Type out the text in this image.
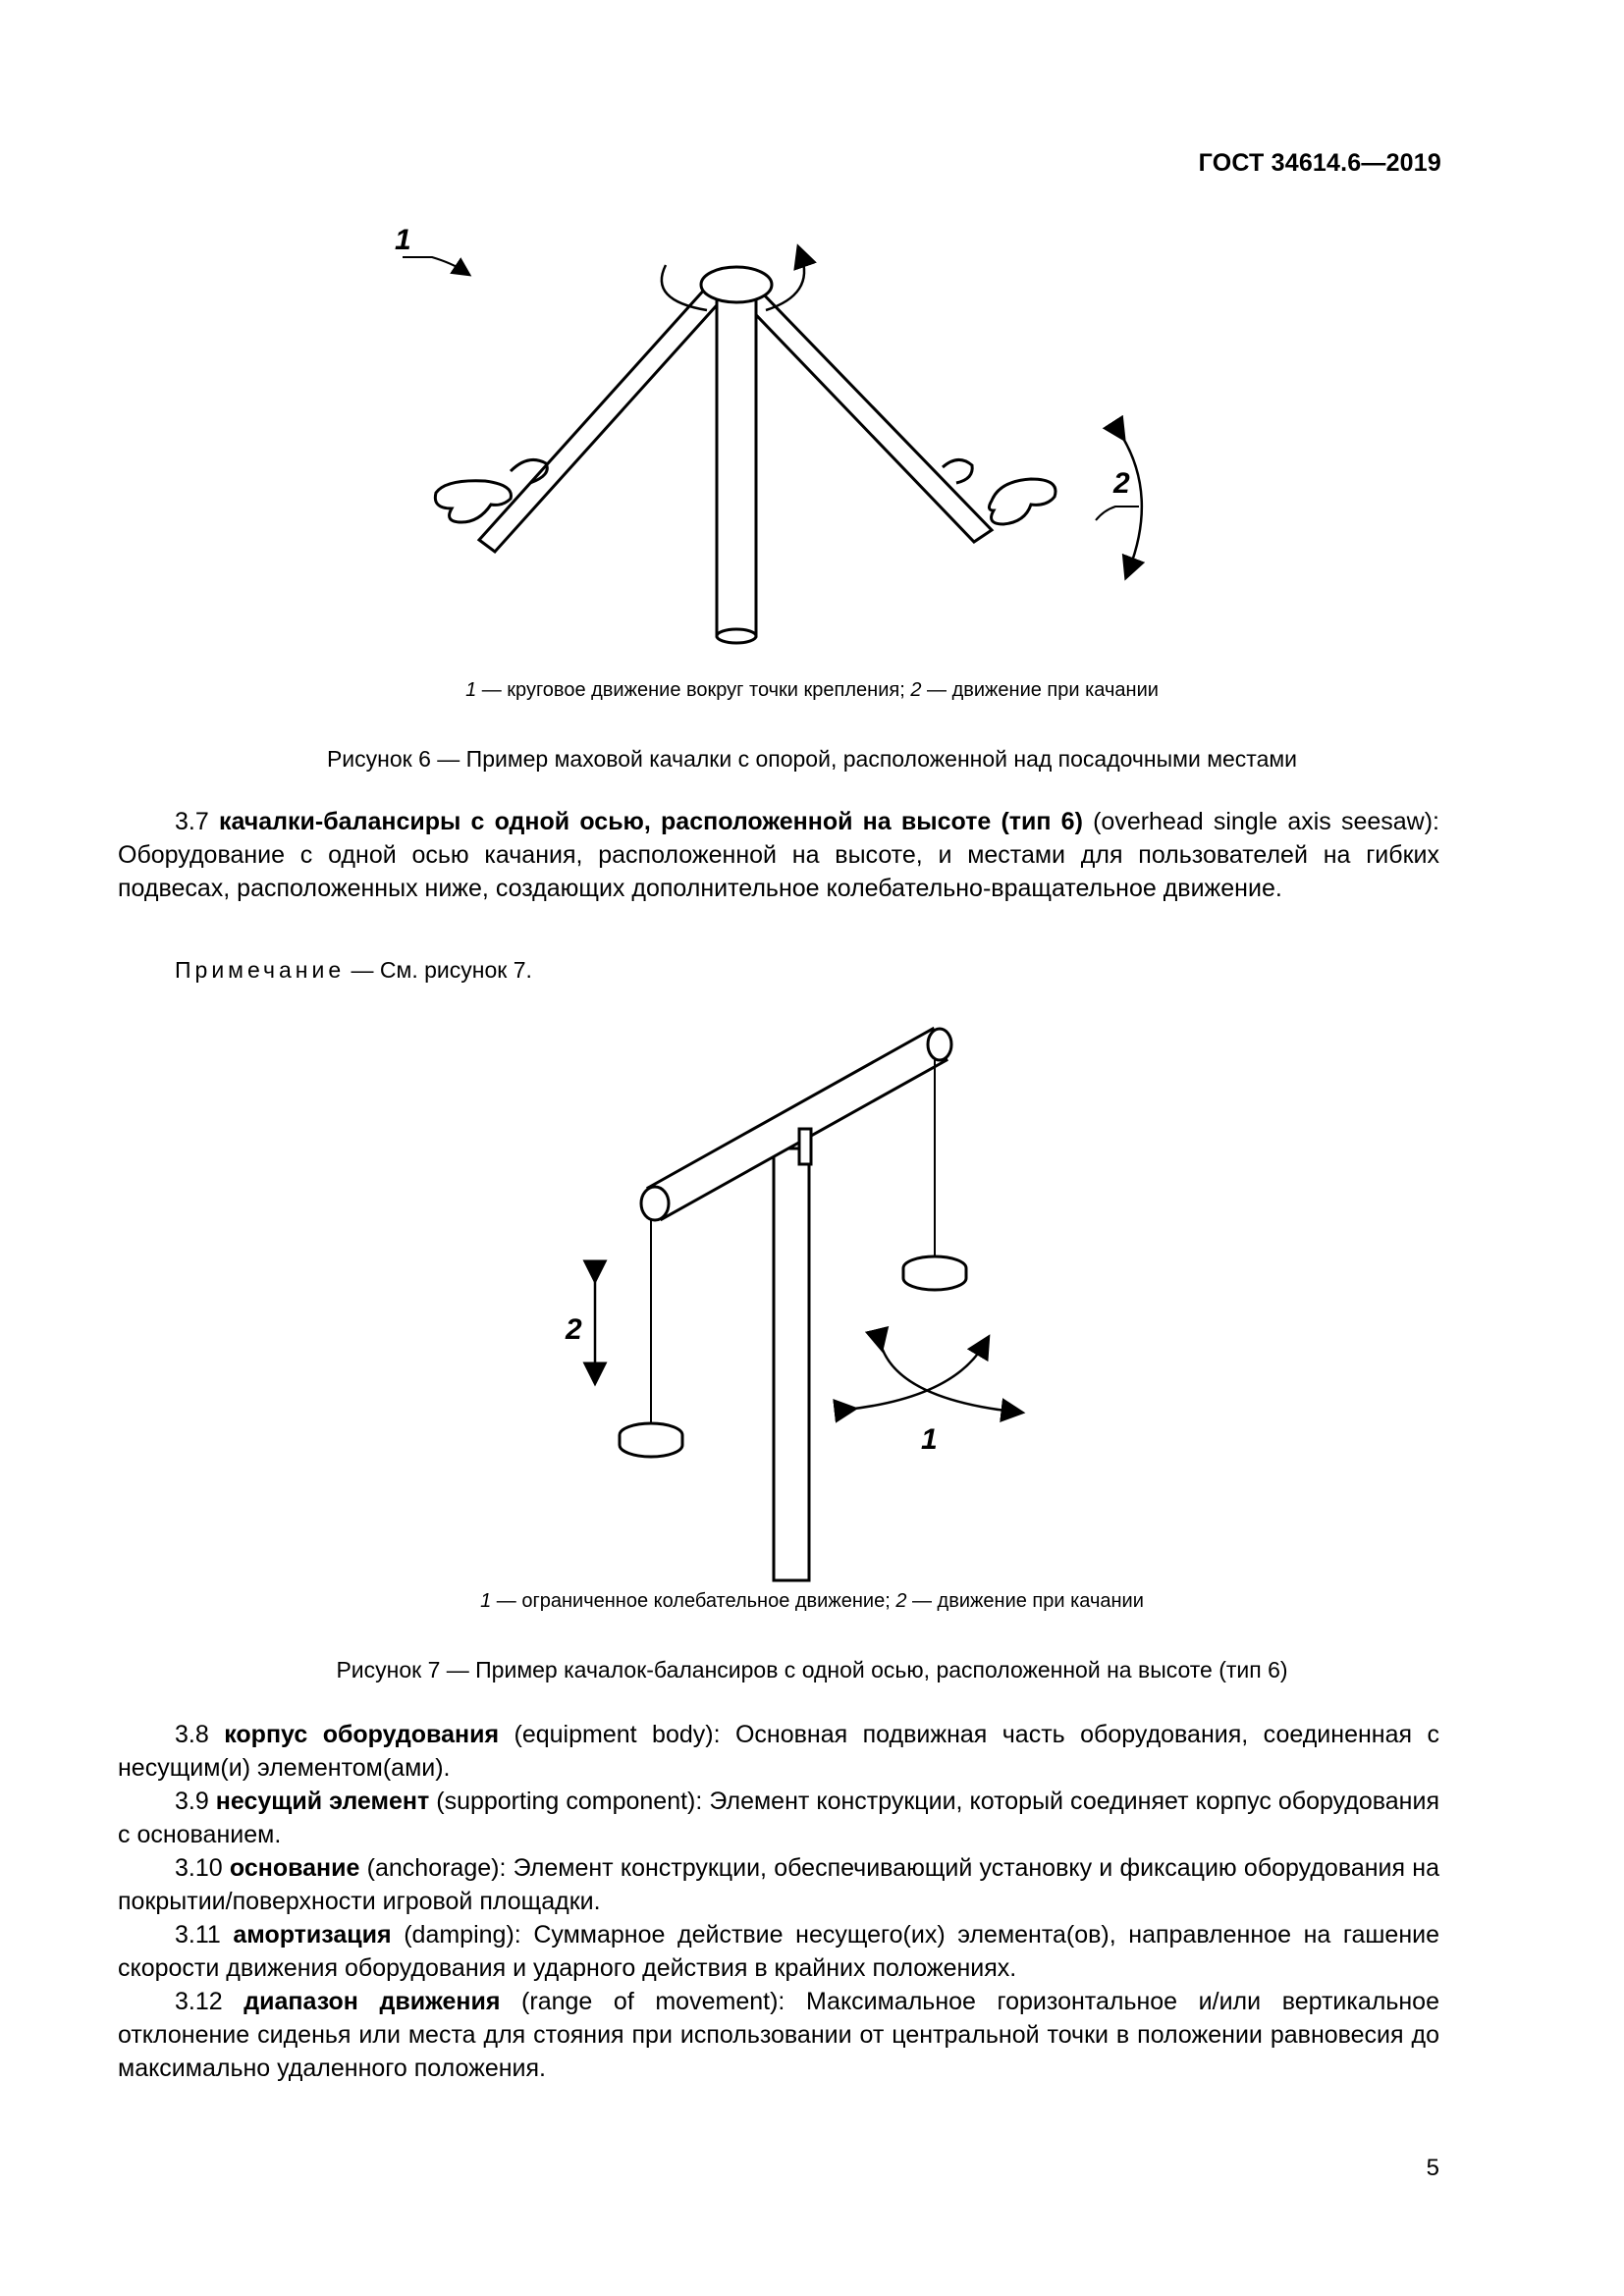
ГОСТ 34614.6—2019
1
2
1 — круговое движение вокруг точки крепления; 2 — движение при качании
Рисунок 6 — Пример маховой качалки с опорой, расположенной над посадочными местами
3.7 качалки-балансиры с одной осью, расположенной на высоте (тип 6) (overhead single axis seesaw): Оборудование с одной осью качания, расположенной на высоте, и местами для пользователей на гибких подвесах, расположенных ниже, создающих дополнительное колебательно-вращательное движение.
Примечание — См. рисунок 7.
2
1
1 — ограниченное колебательное движение; 2 — движение при качании
Рисунок 7 — Пример качалок-балансиров с одной осью, расположенной на высоте (тип 6)
3.8 корпус оборудования (equipment body): Основная подвижная часть оборудования, соединенная с несущим(и) элементом(ами).
3.9 несущий элемент (supporting component): Элемент конструкции, который соединяет корпус оборудования с основанием.
3.10 основание (anchorage): Элемент конструкции, обеспечивающий установку и фиксацию оборудования на покрытии/поверхности игровой площадки.
3.11 амортизация (damping): Суммарное действие несущего(их) элемента(ов), направленное на гашение скорости движения оборудования и ударного действия в крайних положениях.
3.12 диапазон движения (range of movement): Максимальное горизонтальное и/или вертикальное отклонение сиденья или места для стояния при использовании от центральной точки в положении равновесия до максимально удаленного положения.
5
